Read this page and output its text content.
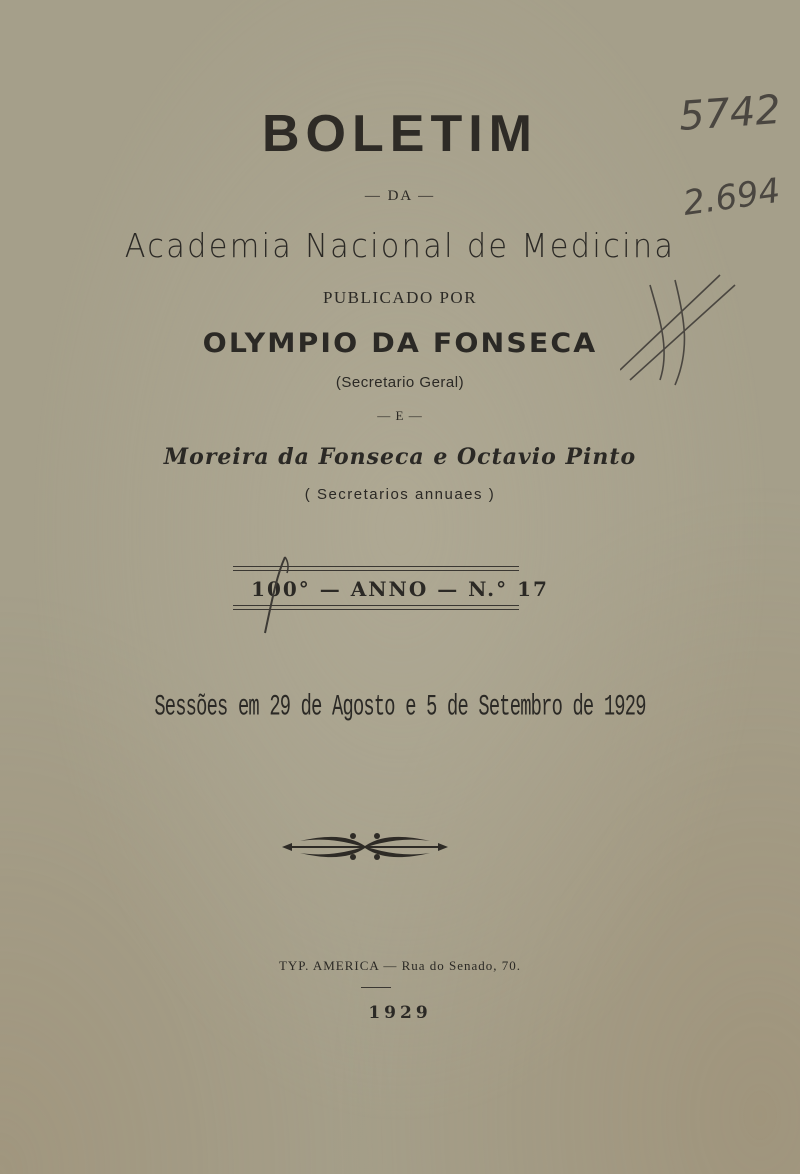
BOLETIM
— DA —
Academia Nacional de Medicina
PUBLICADO POR
OLYMPIO DA FONSECA
(Secretario Geral)
— E —
Moreira da Fonseca e Octavio Pinto
( Secretarios annuaes )
100° — ANNO — N.° 17
Sessões em 29 de Agosto e 5 de Setembro de 1929
TYP. AMERICA — Rua do Senado, 70.
1929
5742
2.694
